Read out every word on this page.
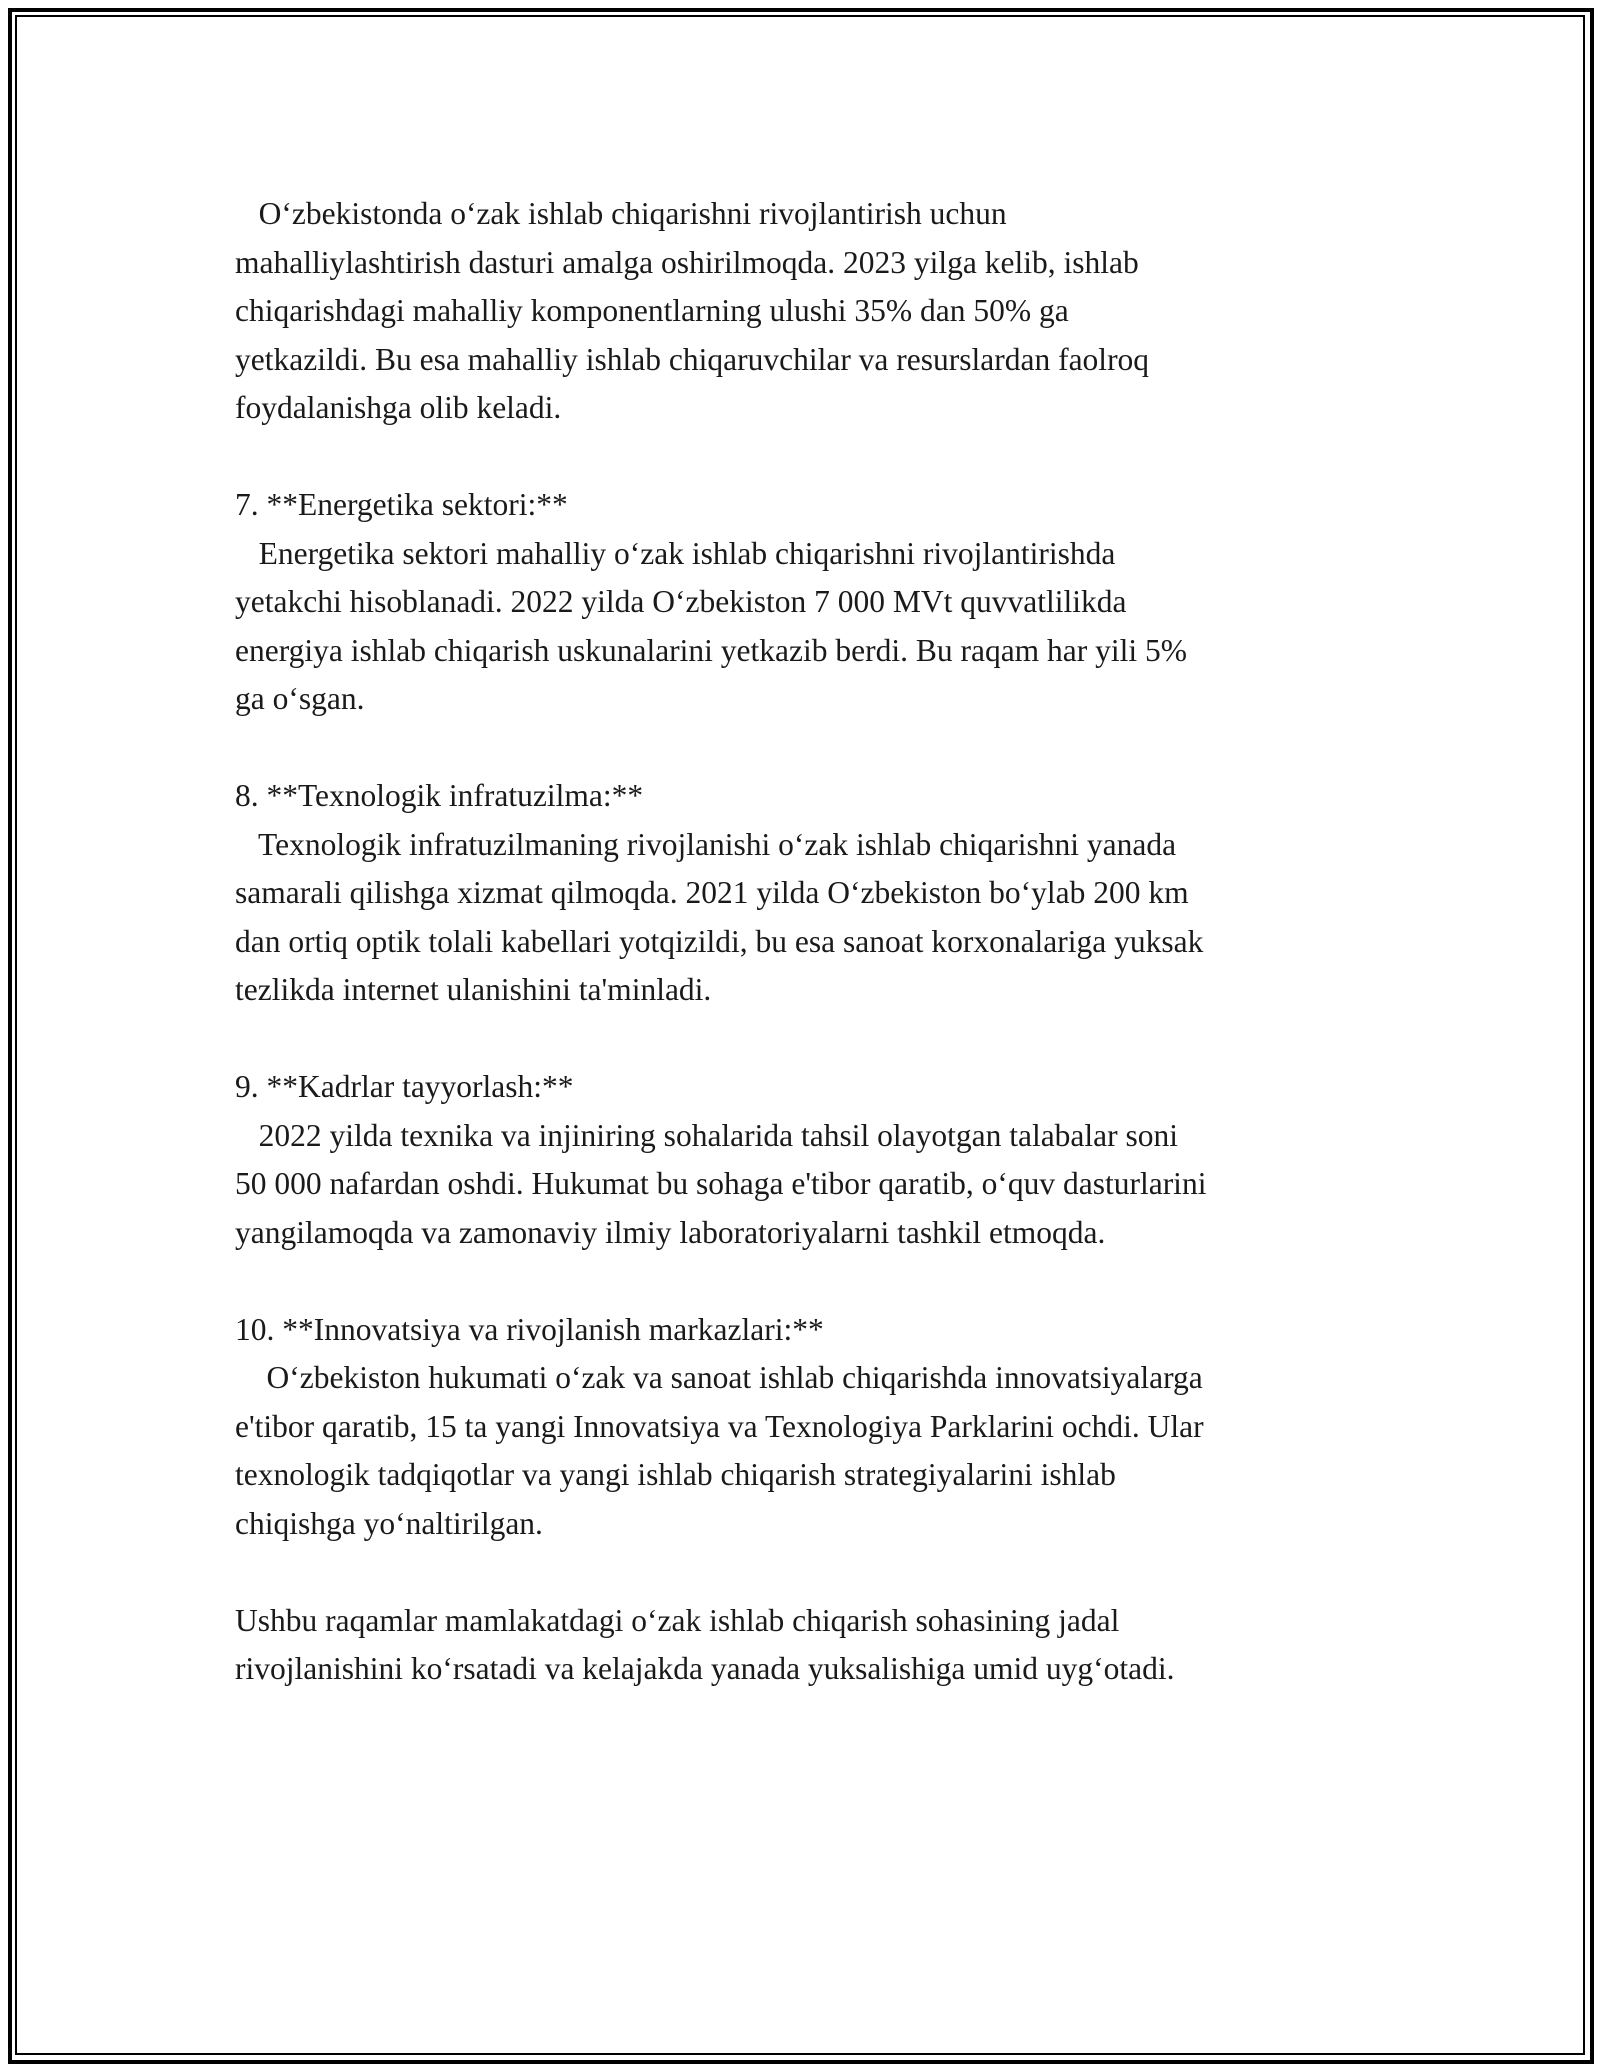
O‘zbekistonda o‘zak ishlab chiqarishni rivojlantirish uchun

mahalliylashtirish dasturi amalga oshirilmoqda. 2023 yilga kelib, ishlab

chiqarishdagi mahalliy komponentlarning ulushi 35% dan 50% ga

yetkazildi. Bu esa mahalliy ishlab chiqaruvchilar va resurslardan faolroq

foydalanishga olib keladi.

7. **Energetika sektori:**

Energetika sektori mahalliy o‘zak ishlab chiqarishni rivojlantirishda

yetakchi hisoblanadi. 2022 yilda O‘zbekiston 7 000 MVt quvvatlilikda

energiya ishlab chiqarish uskunalarini yetkazib berdi. Bu raqam har yili 5%

ga o‘sgan.

8. **Texnologik infratuzilma:**

Texnologik infratuzilmaning rivojlanishi o‘zak ishlab chiqarishni yanada

samarali qilishga xizmat qilmoqda. 2021 yilda O‘zbekiston bo‘ylab 200 km

dan ortiq optik tolali kabellari yotqizildi, bu esa sanoat korxonalariga yuksak

tezlikda internet ulanishini ta'minladi.

9. **Kadrlar tayyorlash:**

2022 yilda texnika va injiniring sohalarida tahsil olayotgan talabalar soni

50 000 nafardan oshdi. Hukumat bu sohaga e'tibor qaratib, o‘quv dasturlarini

yangilamoqda va zamonaviy ilmiy laboratoriyalarni tashkil etmoqda.

10. **Innovatsiya va rivojlanish markazlari:**

O‘zbekiston hukumati o‘zak va sanoat ishlab chiqarishda innovatsiyalarga

e'tibor qaratib, 15 ta yangi Innovatsiya va Texnologiya Parklarini ochdi. Ular

texnologik tadqiqotlar va yangi ishlab chiqarish strategiyalarini ishlab

chiqishga yo‘naltirilgan.

Ushbu raqamlar mamlakatdagi o‘zak ishlab chiqarish sohasining jadal

rivojlanishini ko‘rsatadi va kelajakda yanada yuksalishiga umid uyg‘otadi.
